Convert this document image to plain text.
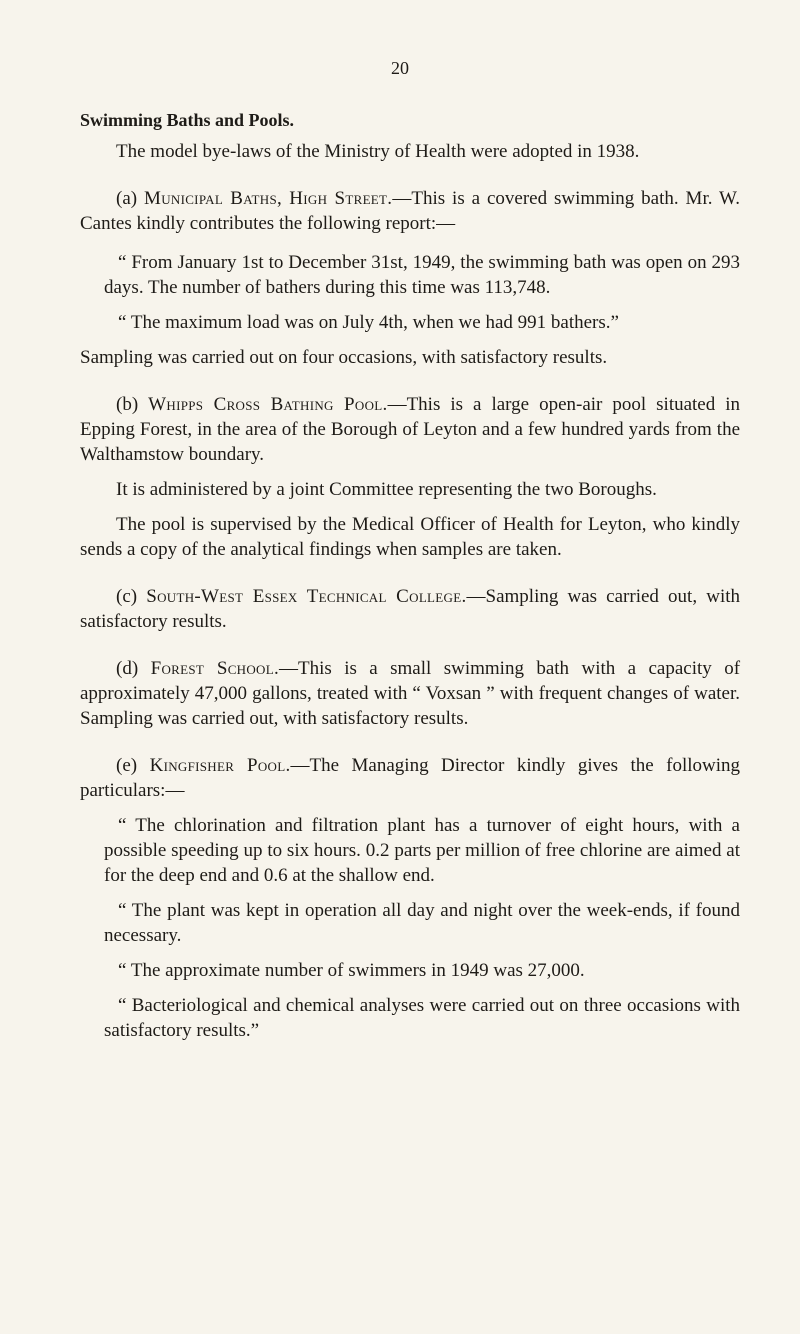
20
Swimming Baths and Pools.

The model bye-laws of the Ministry of Health were adopted in 1938.

(a) Municipal Baths, High Street.—This is a covered swimming bath. Mr. W. Cantes kindly contributes the following report:—

“ From January 1st to December 31st, 1949, the swimming bath was open on 293 days. The number of bathers during this time was 113,748.

“ The maximum load was on July 4th, when we had 991 bathers.”

Sampling was carried out on four occasions, with satisfactory results.

(b) Whipps Cross Bathing Pool.—This is a large open-air pool situated in Epping Forest, in the area of the Borough of Leyton and a few hundred yards from the Walthamstow boundary.

It is administered by a joint Committee representing the two Boroughs.

The pool is supervised by the Medical Officer of Health for Leyton, who kindly sends a copy of the analytical findings when samples are taken.

(c) South-West Essex Technical College.—Sampling was carried out, with satisfactory results.

(d) Forest School.—This is a small swimming bath with a capacity of approximately 47,000 gallons, treated with “ Voxsan ” with frequent changes of water. Sampling was carried out, with satisfactory results.

(e) Kingfisher Pool.—The Managing Director kindly gives the following particulars:—

“ The chlorination and filtration plant has a turnover of eight hours, with a possible speeding up to six hours. 0.2 parts per million of free chlorine are aimed at for the deep end and 0.6 at the shallow end.

“ The plant was kept in operation all day and night over the week-ends, if found necessary.

“ The approximate number of swimmers in 1949 was 27,000.

“ Bacteriological and chemical analyses were carried out on three occasions with satisfactory results.”
